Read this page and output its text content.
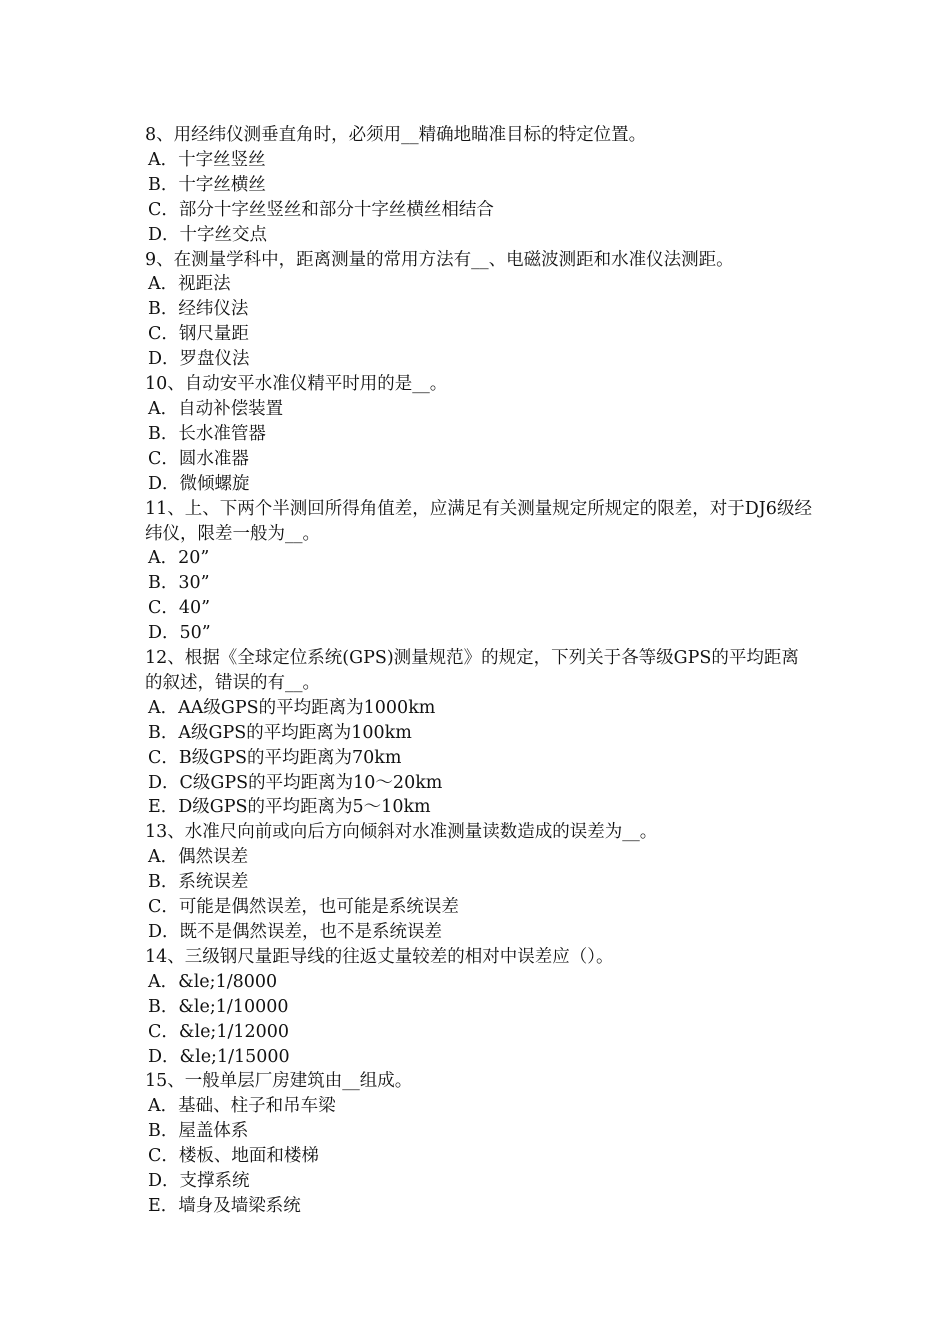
8、用经纬仪测垂直角时，必须用__精确地瞄准目标的特定位置。
A．十字丝竖丝
B．十字丝横丝
C．部分十字丝竖丝和部分十字丝横丝相结合
D．十字丝交点
9、在测量学科中，距离测量的常用方法有__、电磁波测距和水准仪法测距。
A．视距法
B．经纬仪法
C．钢尺量距
D．罗盘仪法
10、自动安平水准仪精平时用的是__。
A．自动补偿装置
B．长水准管器
C．圆水准器
D．微倾螺旋
11、上、下两个半测回所得角值差，应满足有关测量规定所规定的限差，对于DJ6级经纬仪，限差一般为__。
A．20”
B．30”
C．40”
D．50”
12、根据《全球定位系统(GPS)测量规范》的规定，下列关于各等级GPS的平均距离的叙述，错误的有__。
A．AA级GPS的平均距离为1000km
B．A级GPS的平均距离为100km
C．B级GPS的平均距离为70km
D．C级GPS的平均距离为10～20km
E．D级GPS的平均距离为5～10km
13、水准尺向前或向后方向倾斜对水准测量读数造成的误差为__。
A．偶然误差
B．系统误差
C．可能是偶然误差，也可能是系统误差
D．既不是偶然误差，也不是系统误差
14、三级钢尺量距导线的往返丈量较差的相对中误差应（）。
A．&le;1/8000
B．&le;1/10000
C．&le;1/12000
D．&le;1/15000
15、一般单层厂房建筑由__组成。
A．基础、柱子和吊车梁
B．屋盖体系
C．楼板、地面和楼梯
D．支撑系统
E．墙身及墙梁系统
